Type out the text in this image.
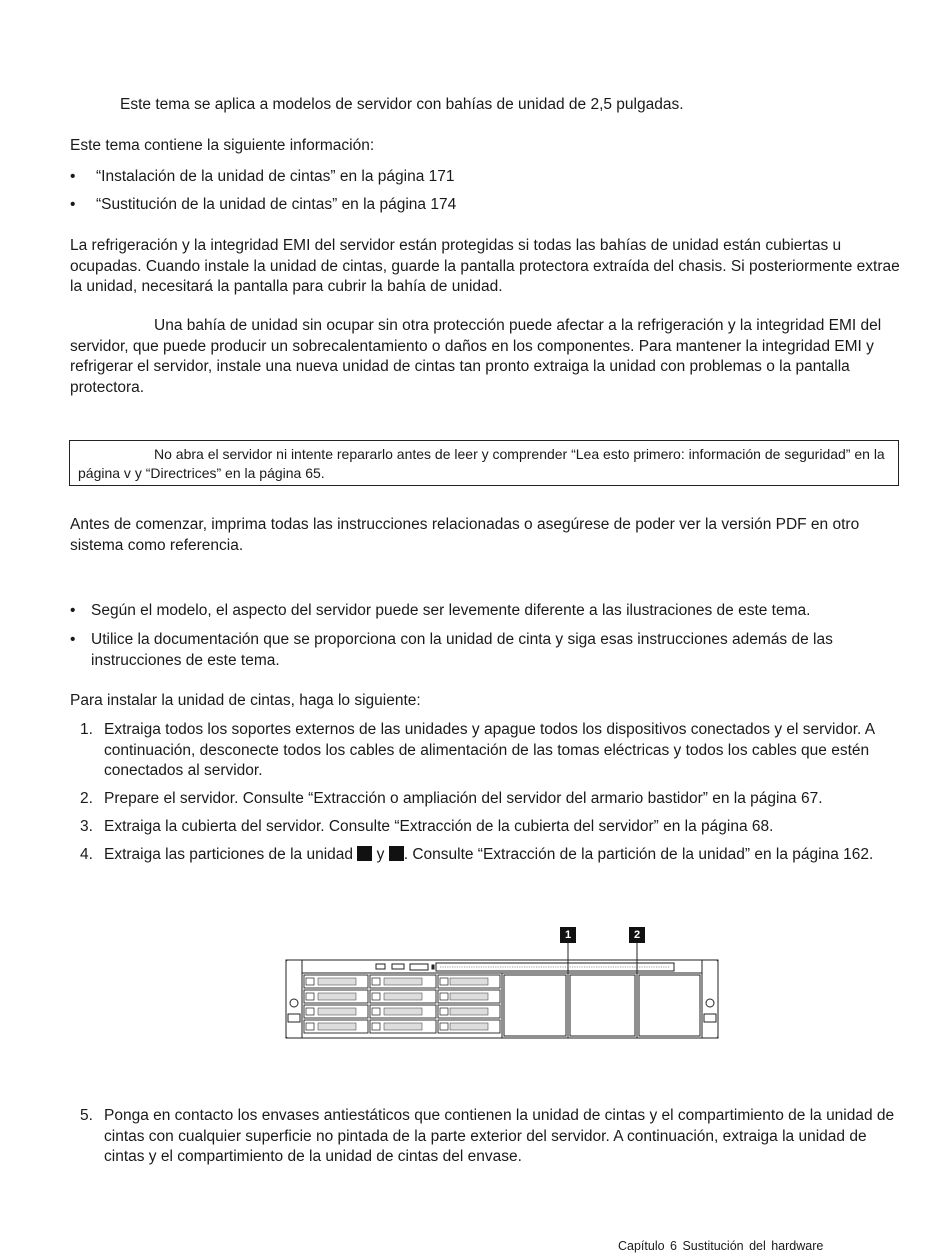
Este tema se aplica a modelos de servidor con bahías de unidad de 2,5 pulgadas.

Este tema contiene la siguiente información:

• “Instalación de la unidad de cintas” en la página 171
• “Sustitución de la unidad de cintas” en la página 174

La refrigeración y la integridad EMI del servidor están protegidas si todas las bahías de unidad están cubiertas u ocupadas. Cuando instale la unidad de cintas, guarde la pantalla protectora extraída del chasis. Si posteriormente extrae la unidad, necesitará la pantalla para cubrir la bahía de unidad.

Una bahía de unidad sin ocupar sin otra protección puede afectar a la refrigeración y la integridad EMI del servidor, que puede producir un sobrecalentamiento o daños en los componentes. Para mantener la integridad EMI y refrigerar el servidor, instale una nueva unidad de cintas tan pronto extraiga la unidad con problemas o la pantalla protectora.

No abra el servidor ni intente repararlo antes de leer y comprender “Lea esto primero: información de seguridad” en la página v y “Directrices” en la página 65.

Antes de comenzar, imprima todas las instrucciones relacionadas o asegúrese de poder ver la versión PDF en otro sistema como referencia.

• Según el modelo, el aspecto del servidor puede ser levemente diferente a las ilustraciones de este tema.
• Utilice la documentación que se proporciona con la unidad de cinta y siga esas instrucciones además de las instrucciones de este tema.

Para instalar la unidad de cintas, haga lo siguiente:

1. Extraiga todos los soportes externos de las unidades y apague todos los dispositivos conectados y el servidor. A continuación, desconecte todos los cables de alimentación de las tomas eléctricas y todos los cables que estén conectados al servidor.
2. Prepare el servidor. Consulte “Extracción o ampliación del servidor del armario bastidor” en la página 67.
3. Extraiga la cubierta del servidor. Consulte “Extracción de la cubierta del servidor” en la página 68.
4. Extraiga las particiones de la unidad y . Consulte “Extracción de la partición de la unidad” en la página 162.
1	2
5. Ponga en contacto los envases antiestáticos que contienen la unidad de cintas y el compartimiento de la unidad de cintas con cualquier superficie no pintada de la parte exterior del servidor. A continuación, extraiga la unidad de cintas y el compartimiento de la unidad de cintas del envase.
Capítulo 6 Sustitución del hardware
